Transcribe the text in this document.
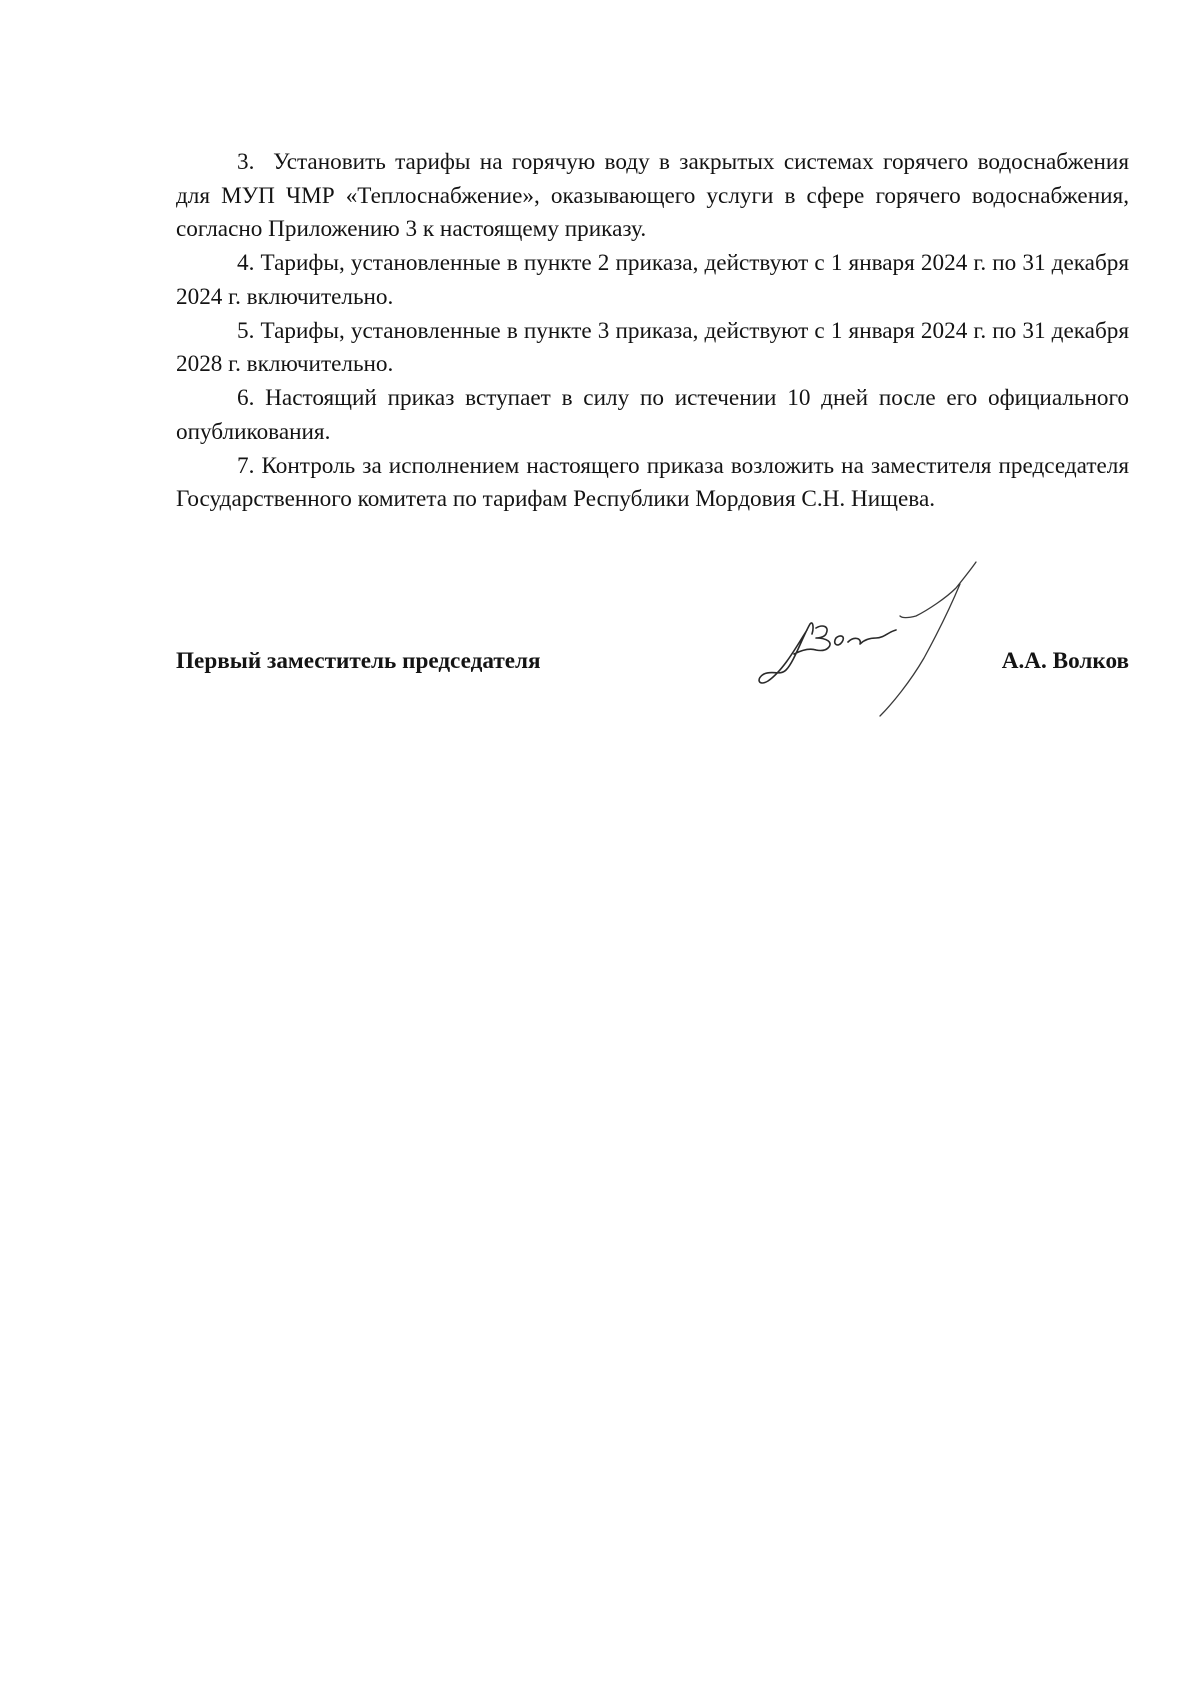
3. Установить тарифы на горячую воду в закрытых системах горячего водоснабжения для МУП ЧМР «Теплоснабжение», оказывающего услуги в сфере горячего водоснабжения, согласно Приложению 3 к настоящему приказу.

4. Тарифы, установленные в пункте 2 приказа, действуют с 1 января 2024 г. по 31 декабря 2024 г. включительно.

5. Тарифы, установленные в пункте 3 приказа, действуют с 1 января 2024 г. по 31 декабря 2028 г. включительно.

6. Настоящий приказ вступает в силу по истечении 10 дней после его официального опубликования.

7. Контроль за исполнением настоящего приказа возложить на заместителя председателя Государственного комитета по тарифам Республики Мордовия С.Н. Нищева.

Первый заместитель председателя	А.А. Волков
